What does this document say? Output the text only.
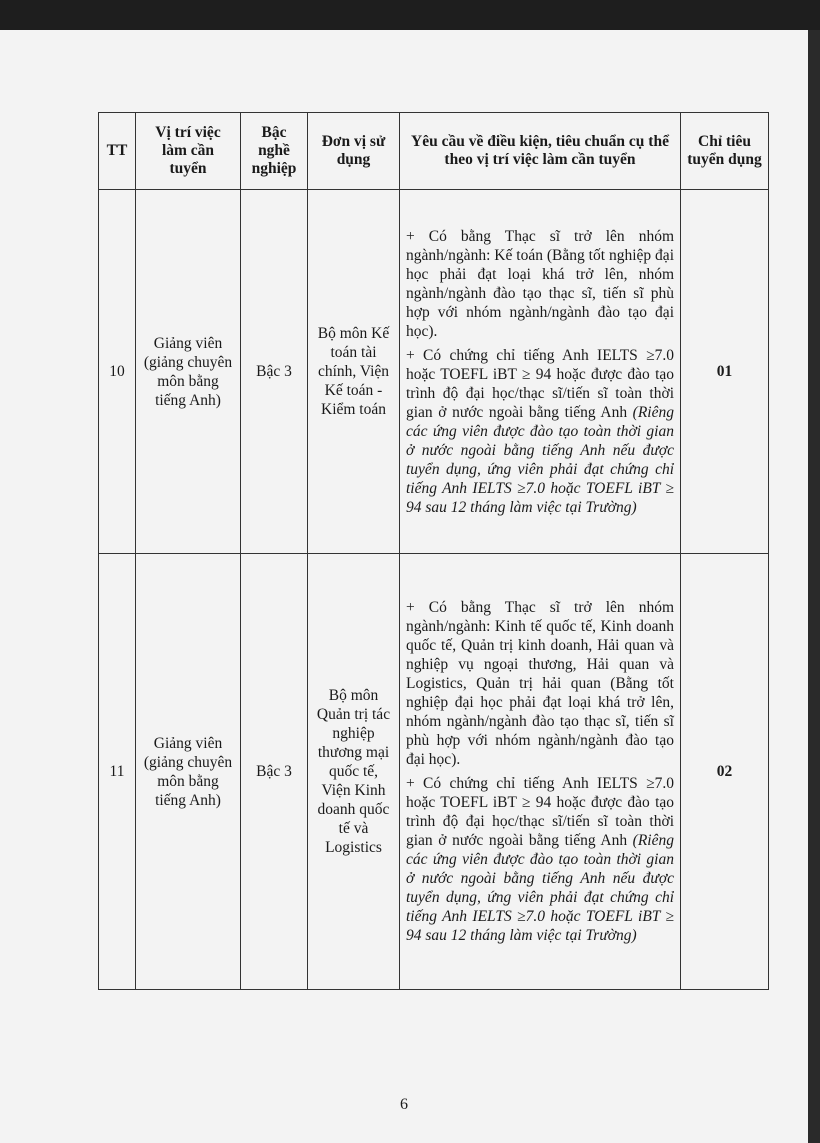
TT	Vị trí việc làm cần tuyển	Bậc nghề nghiệp	Đơn vị sử dụng	Yêu cầu về điều kiện, tiêu chuẩn cụ thể theo vị trí việc làm cần tuyển	Chỉ tiêu tuyển dụng
10	Giảng viên (giảng chuyên môn bằng tiếng Anh)	Bậc 3	Bộ môn Kế toán tài chính, Viện Kế toán - Kiểm toán	+ Có bằng Thạc sĩ trở lên nhóm ngành/ngành: Kế toán (Bằng tốt nghiệp đại học phải đạt loại khá trở lên, nhóm ngành/ngành đào tạo thạc sĩ, tiến sĩ phù hợp với nhóm ngành/ngành đào tạo đại học).

+ Có chứng chỉ tiếng Anh IELTS ≥7.0 hoặc TOEFL iBT ≥ 94 hoặc được đào tạo trình độ đại học/thạc sĩ/tiến sĩ toàn thời gian ở nước ngoài bằng tiếng Anh (Riêng các ứng viên được đào tạo toàn thời gian ở nước ngoài bằng tiếng Anh nếu được tuyển dụng, ứng viên phải đạt chứng chỉ tiếng Anh IELTS ≥7.0 hoặc TOEFL iBT ≥ 94 sau 12 tháng làm việc tại Trường)	01
11	Giảng viên (giảng chuyên môn bằng tiếng Anh)	Bậc 3	Bộ môn Quản trị tác nghiệp thương mại quốc tế, Viện Kinh doanh quốc tế và Logistics	+ Có bằng Thạc sĩ trở lên nhóm ngành/ngành: Kinh tế quốc tế, Kinh doanh quốc tế, Quản trị kinh doanh, Hải quan và nghiệp vụ ngoại thương, Hải quan và Logistics, Quản trị hải quan (Bằng tốt nghiệp đại học phải đạt loại khá trở lên, nhóm ngành/ngành đào tạo thạc sĩ, tiến sĩ phù hợp với nhóm ngành/ngành đào tạo đại học).

+ Có chứng chỉ tiếng Anh IELTS ≥7.0 hoặc TOEFL iBT ≥ 94 hoặc được đào tạo trình độ đại học/thạc sĩ/tiến sĩ toàn thời gian ở nước ngoài bằng tiếng Anh (Riêng các ứng viên được đào tạo toàn thời gian ở nước ngoài bằng tiếng Anh nếu được tuyển dụng, ứng viên phải đạt chứng chỉ tiếng Anh IELTS ≥7.0 hoặc TOEFL iBT ≥ 94 sau 12 tháng làm việc tại Trường)	02
6
